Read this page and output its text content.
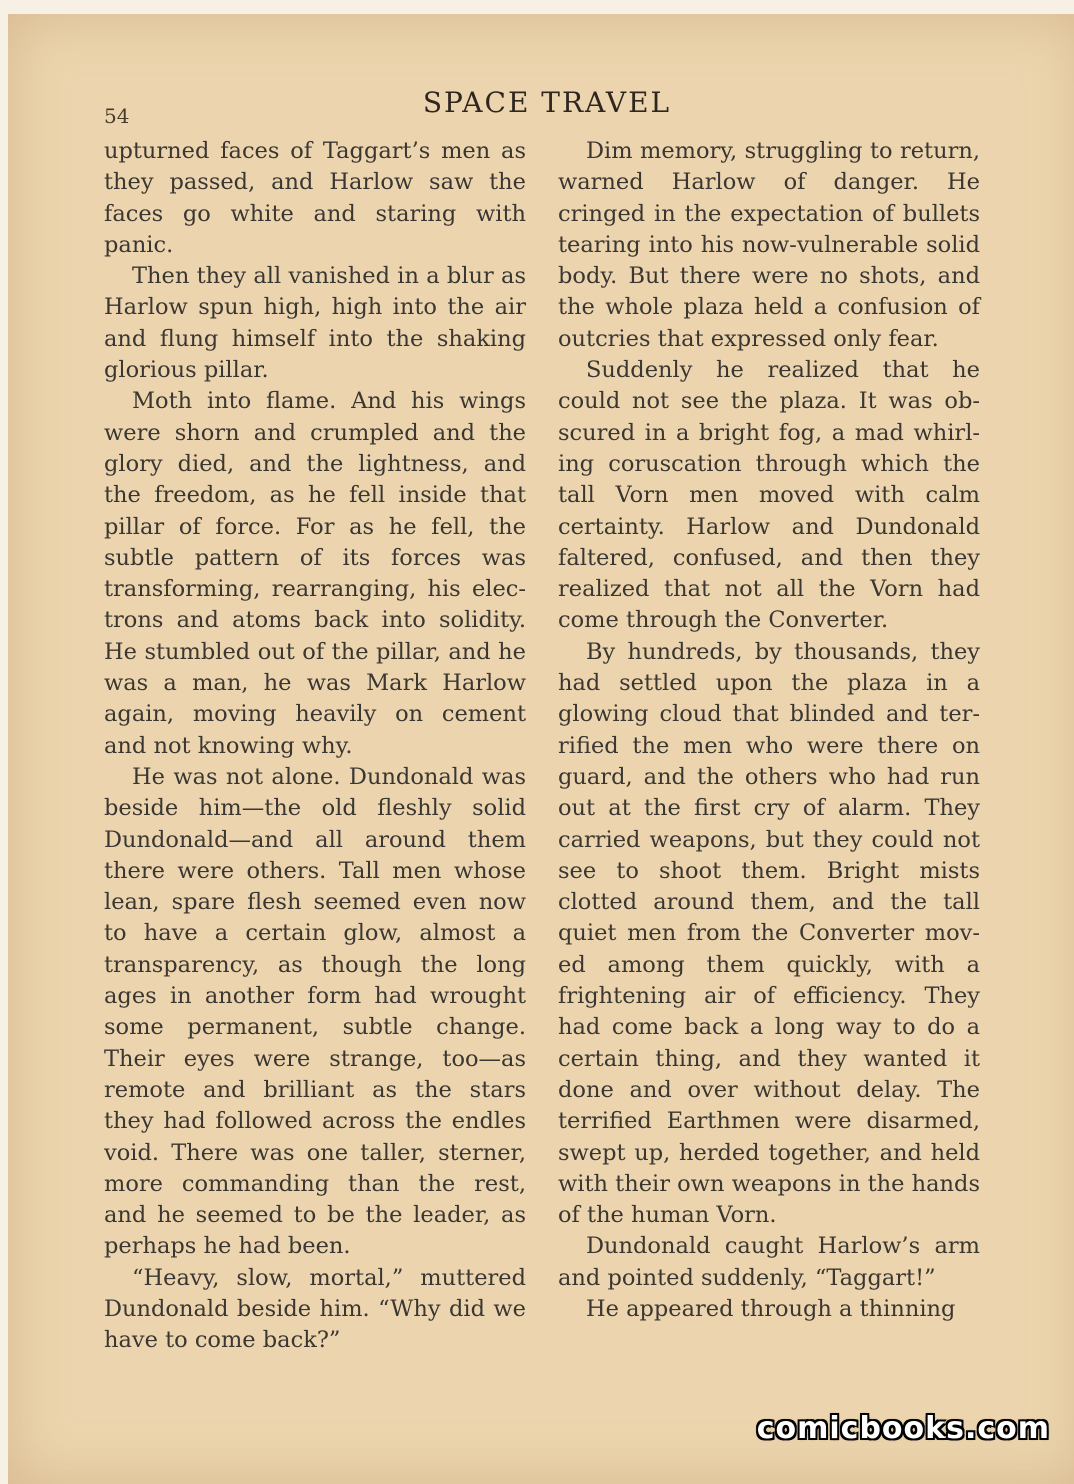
54	SPACE TRAVEL

upturned faces of Taggart’s men as they passed, and Harlow saw the faces go white and staring with panic.

Then they all vanished in a blur as Harlow spun high, high into the air and flung himself into the shaking glorious pillar.

Moth into flame. And his wings were shorn and crumpled and the glory died, and the lightness, and the freedom, as he fell inside that pillar of force. For as he fell, the subtle pattern of its forces was transforming, rearranging, his electrons and atoms back into solidity. He stumbled out of the pillar, and he was a man, he was Mark Harlow again, moving heavily on cement and not knowing why.

He was not alone. Dundonald was beside him—the old fleshly solid Dundonald—and all around them there were others. Tall men whose lean, spare flesh seemed even now to have a certain glow, almost a transparency, as though the long ages in another form had wrought some permanent, subtle change. Their eyes were strange, too—as remote and brilliant as the stars they had followed across the endles void. There was one taller, sterner, more commanding than the rest, and he seemed to be the leader, as perhaps he had been.

“Heavy, slow, mortal,” muttered Dundonald beside him. “Why did we have to come back?”

Dim memory, struggling to return, warned Harlow of danger. He cringed in the expectation of bullets tearing into his now-vulnerable solid body. But there were no shots, and the whole plaza held a confusion of outcries that expressed only fear.

Suddenly he realized that he could not see the plaza. It was obscured in a bright fog, a mad whirling coruscation through which the tall Vorn men moved with calm certainty. Harlow and Dundonald faltered, confused, and then they realized that not all the Vorn had come through the Converter.

By hundreds, by thousands, they had settled upon the plaza in a glowing cloud that blinded and terrified the men who were there on guard, and the others who had run out at the first cry of alarm. They carried weapons, but they could not see to shoot them. Bright mists clotted around them, and the tall quiet men from the Converter moved among them quickly, with a frightening air of efficiency. They had come back a long way to do a certain thing, and they wanted it done and over without delay. The terrified Earthmen were disarmed, swept up, herded together, and held with their own weapons in the hands of the human Vorn.

Dundonald caught Harlow’s arm and pointed suddenly, “Taggart!”

He appeared through a thinning

comicbooks.com
